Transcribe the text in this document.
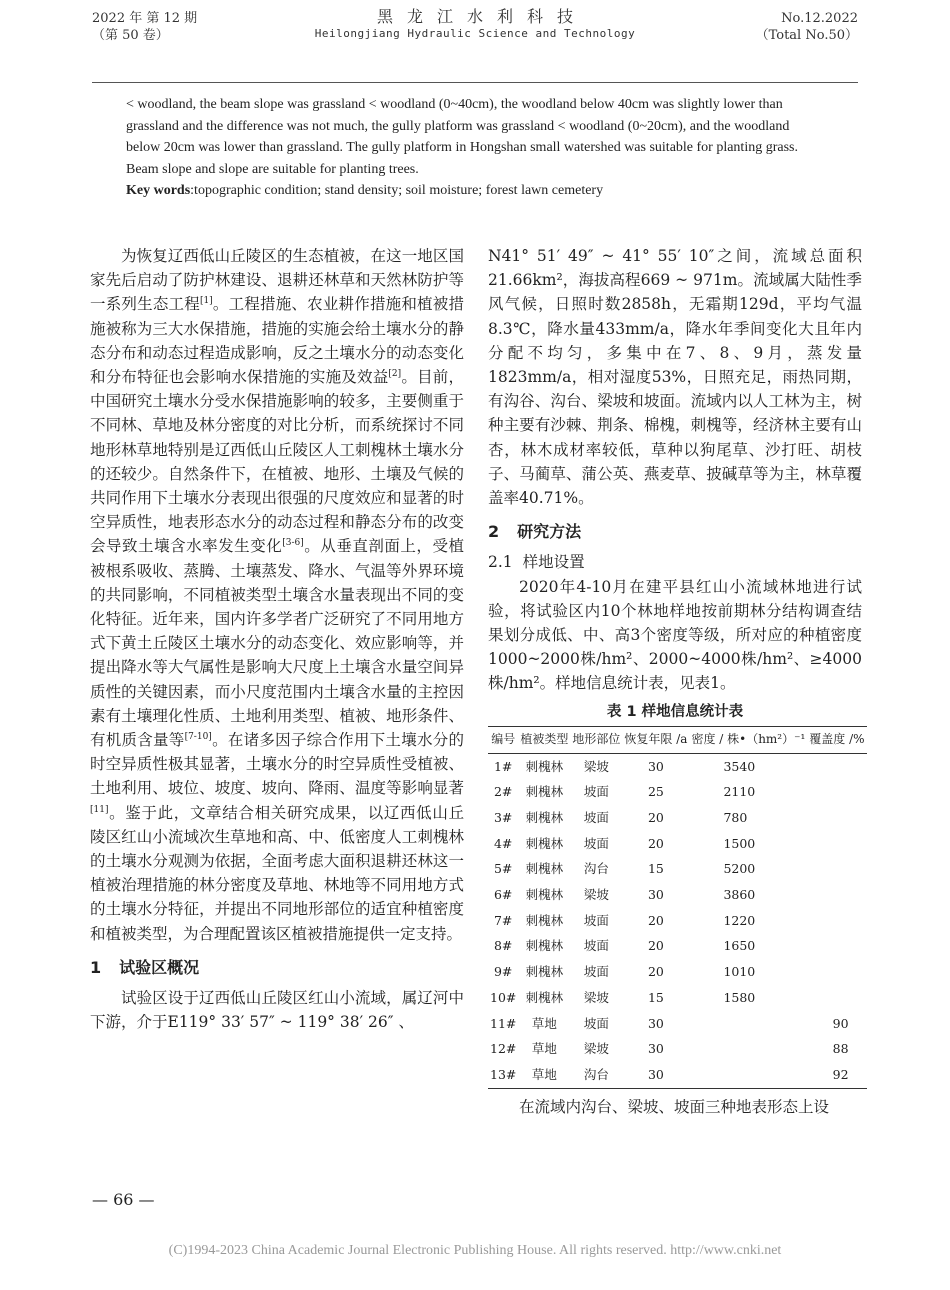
2022 年 第 12 期
（第 50 卷）
黑龙江水利科技
Heilongjiang Hydraulic Science and Technology
No.12.2022
（Total No.50）

< woodland, the beam slope was grassland < woodland (0~40cm), the woodland below 40cm was slightly lower than grassland and the difference was not much, the gully platform was grassland < woodland (0~20cm), and the woodland below 20cm was lower than grassland. The gully platform in Hongshan small watershed was suitable for planting grass. Beam slope and slope are suitable for planting trees.

Key words:topographic condition; stand density; soil moisture; forest lawn cemetery

为恢复辽西低山丘陵区的生态植被，在这一地区国家先后启动了防护林建设、退耕还林草和天然林防护等一系列生态工程[1]。工程措施、农业耕作措施和植被措施被称为三大水保措施，措施的实施会给土壤水分的静态分布和动态过程造成影响，反之土壤水分的动态变化和分布特征也会影响水保措施的实施及效益[2]。目前，中国研究土壤水分受水保措施影响的较多，主要侧重于不同林、草地及林分密度的对比分析，而系统探讨不同地形林草地特别是辽西低山丘陵区人工刺槐林土壤水分的还较少。自然条件下，在植被、地形、土壤及气候的共同作用下土壤水分表现出很强的尺度效应和显著的时空异质性，地表形态水分的动态过程和静态分布的改变会导致土壤含水率发生变化[3-6]。从垂直剖面上，受植被根系吸收、蒸腾、土壤蒸发、降水、气温等外界环境的共同影响，不同植被类型土壤含水量表现出不同的变化特征。近年来，国内许多学者广泛研究了不同用地方式下黄土丘陵区土壤水分的动态变化、效应影响等，并提出降水等大气属性是影响大尺度上土壤含水量空间异质性的关键因素，而小尺度范围内土壤含水量的主控因素有土壤理化性质、土地利用类型、植被、地形条件、有机质含量等[7-10]。在诸多因子综合作用下土壤水分的时空异质性极其显著，土壤水分的时空异质性受植被、土地利用、坡位、坡度、坡向、降雨、温度等影响显著[11]。鉴于此，文章结合相关研究成果，以辽西低山丘陵区红山小流域次生草地和高、中、低密度人工刺槐林的土壤水分观测为依据，全面考虑大面积退耕还林这一植被治理措施的林分密度及草地、林地等不同用地方式的土壤水分特征，并提出不同地形部位的适宜种植密度和植被类型，为合理配置该区植被措施提供一定支持。

1 试验区概况

试验区设于辽西低山丘陵区红山小流域，属辽河中下游，介于E119° 33′ 57″ ~ 119° 38′ 26″ 、

N41° 51′ 49″ ~ 41° 55′ 10″之间，流域总面积21.66km²，海拔高程669 ~ 971m。流域属大陆性季风气候，日照时数2858h，无霜期129d，平均气温8.3℃，降水量433mm/a，降水年季间变化大且年内分配不均匀，多集中在7、8、9月，蒸发量1823mm/a，相对湿度53%，日照充足，雨热同期，有沟谷、沟台、梁坡和坡面。流域内以人工林为主，树种主要有沙棘、荆条、棉槐，刺槐等，经济林主要有山杏，林木成材率较低，草种以狗尾草、沙打旺、胡枝子、马蔺草、蒲公英、燕麦草、披碱草等为主，林草覆盖率40.71%。

2 研究方法
2.1 样地设置

2020年4-10月在建平县红山小流域林地进行试验，将试验区内10个林地样地按前期林分结构调查结果划分成低、中、高3个密度等级，所对应的种植密度1000~2000株/hm²、2000~4000株/hm²、≥4000株/hm²。样地信息统计表，见表1。

表 1 样地信息统计表
编号	植被类型	地形部位	恢复年限 /a	密度 / 株•（hm²）⁻¹	覆盖度 /%
1#	刺槐林	梁坡	30	3540	
2#	刺槐林	坡面	25	2110	
3#	刺槐林	坡面	20	780	
4#	刺槐林	坡面	20	1500	
5#	刺槐林	沟台	15	5200	
6#	刺槐林	梁坡	30	3860	
7#	刺槐林	坡面	20	1220	
8#	刺槐林	坡面	20	1650	
9#	刺槐林	坡面	20	1010	
10#	刺槐林	梁坡	15	1580	
11#	草地	坡面	30		90
12#	草地	梁坡	30		88
13#	草地	沟台	30		92

在流域内沟台、梁坡、坡面三种地表形态上设

— 66 —
(C)1994-2023 China Academic Journal Electronic Publishing House. All rights reserved. http://www.cnki.net
